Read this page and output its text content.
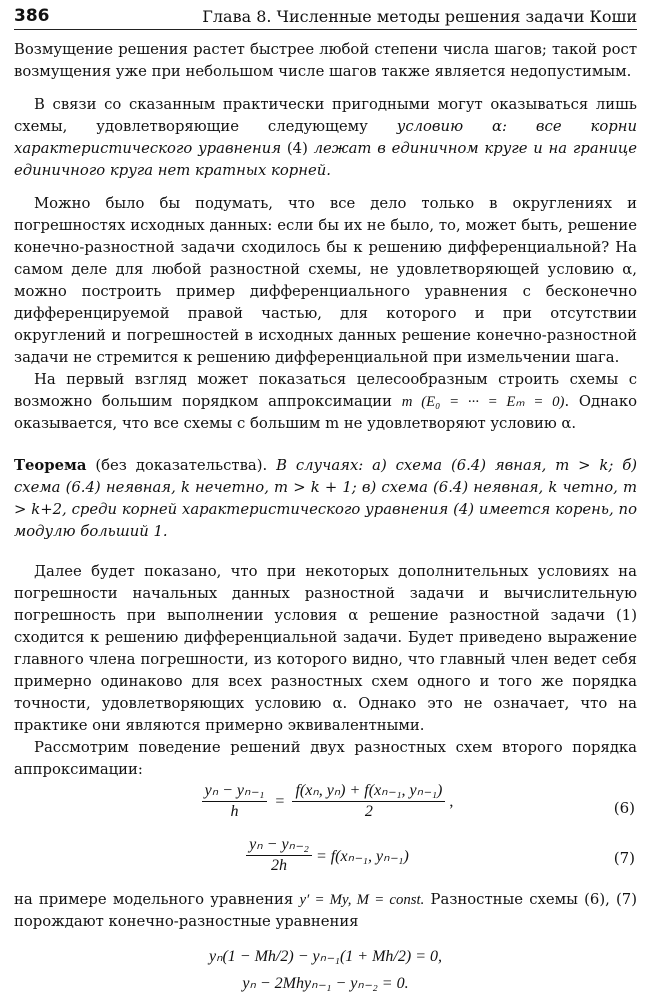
386	Глава 8. Численные методы решения задачи Коши

Возмущение решения растет быстрее любой степени числа шагов; такой рост возмущения уже при небольшом числе шагов также является недопустимым.

В связи со сказанным практически пригодными могут оказываться лишь схемы, удовлетворяющие следующему условию α: все корни характеристического уравнения (4) лежат в единичном круге и на границе единичного круга нет кратных корней.

Можно было бы подумать, что все дело только в округлениях и погрешностях исходных данных: если бы их не было, то, может быть, решение конечно-разностной задачи сходилось бы к решению дифференциальной? На самом деле для любой разностной схемы, не удовлетворяющей условию α, можно построить пример дифференциального уравнения с бесконечно дифференцируемой правой частью, для которого и при отсутствии округлений и погрешностей в исходных данных решение конечно-разностной задачи не стремится к решению дифференциальной при измельчении шага.

На первый взгляд может показаться целесообразным строить схемы с возможно большим порядком аппроксимации m (E₀ = ··· = Eₘ = 0). Однако оказывается, что все схемы с большим m не удовлетворяют условию α.

Теорема (без доказательства). В случаях: а) схема (6.4) явная, m > k; б) схема (6.4) неявная, k нечетно, m > k + 1; в) схема (6.4) неявная, k четно, m > k+2, среди корней характеристического уравнения (4) имеется корень, по модулю больший 1.

Далее будет показано, что при некоторых дополнительных условиях на погрешности начальных данных разностной задачи и вычислительную погрешность при выполнении условия α решение разностной задачи (1) сходится к решению дифференциальной задачи. Будет приведено выражение главного члена погрешности, из которого видно, что главный член ведет себя примерно одинаково для всех разностных схем одного и того же порядка точности, удовлетворяющих условию α. Однако это не означает, что на практике они являются примерно эквивалентными.

Рассмотрим поведение решений двух разностных схем второго порядка аппроксимации:

$\frac{\text{yₙ − yₙ₋₁}}{h} = \frac{\text{f(xₙ, yₙ) + f(xₙ₋₁, yₙ₋₁)}}{2}$ ,	(6)
$\frac{\text{yₙ − yₙ₋₂}}{2h} = f(x_{n-1}$, yₙ₋₁)	(7)

на примере модельного уравнения y′ = My, M = const. Разностные схемы (6), (7) порождают конечно-разностные уравнения

yₙ(1 − Mh/2) − yₙ₋₁(1 + Mh/2) = 0,
yₙ − 2Mhyₙ₋₁ − yₙ₋₂ = 0.
